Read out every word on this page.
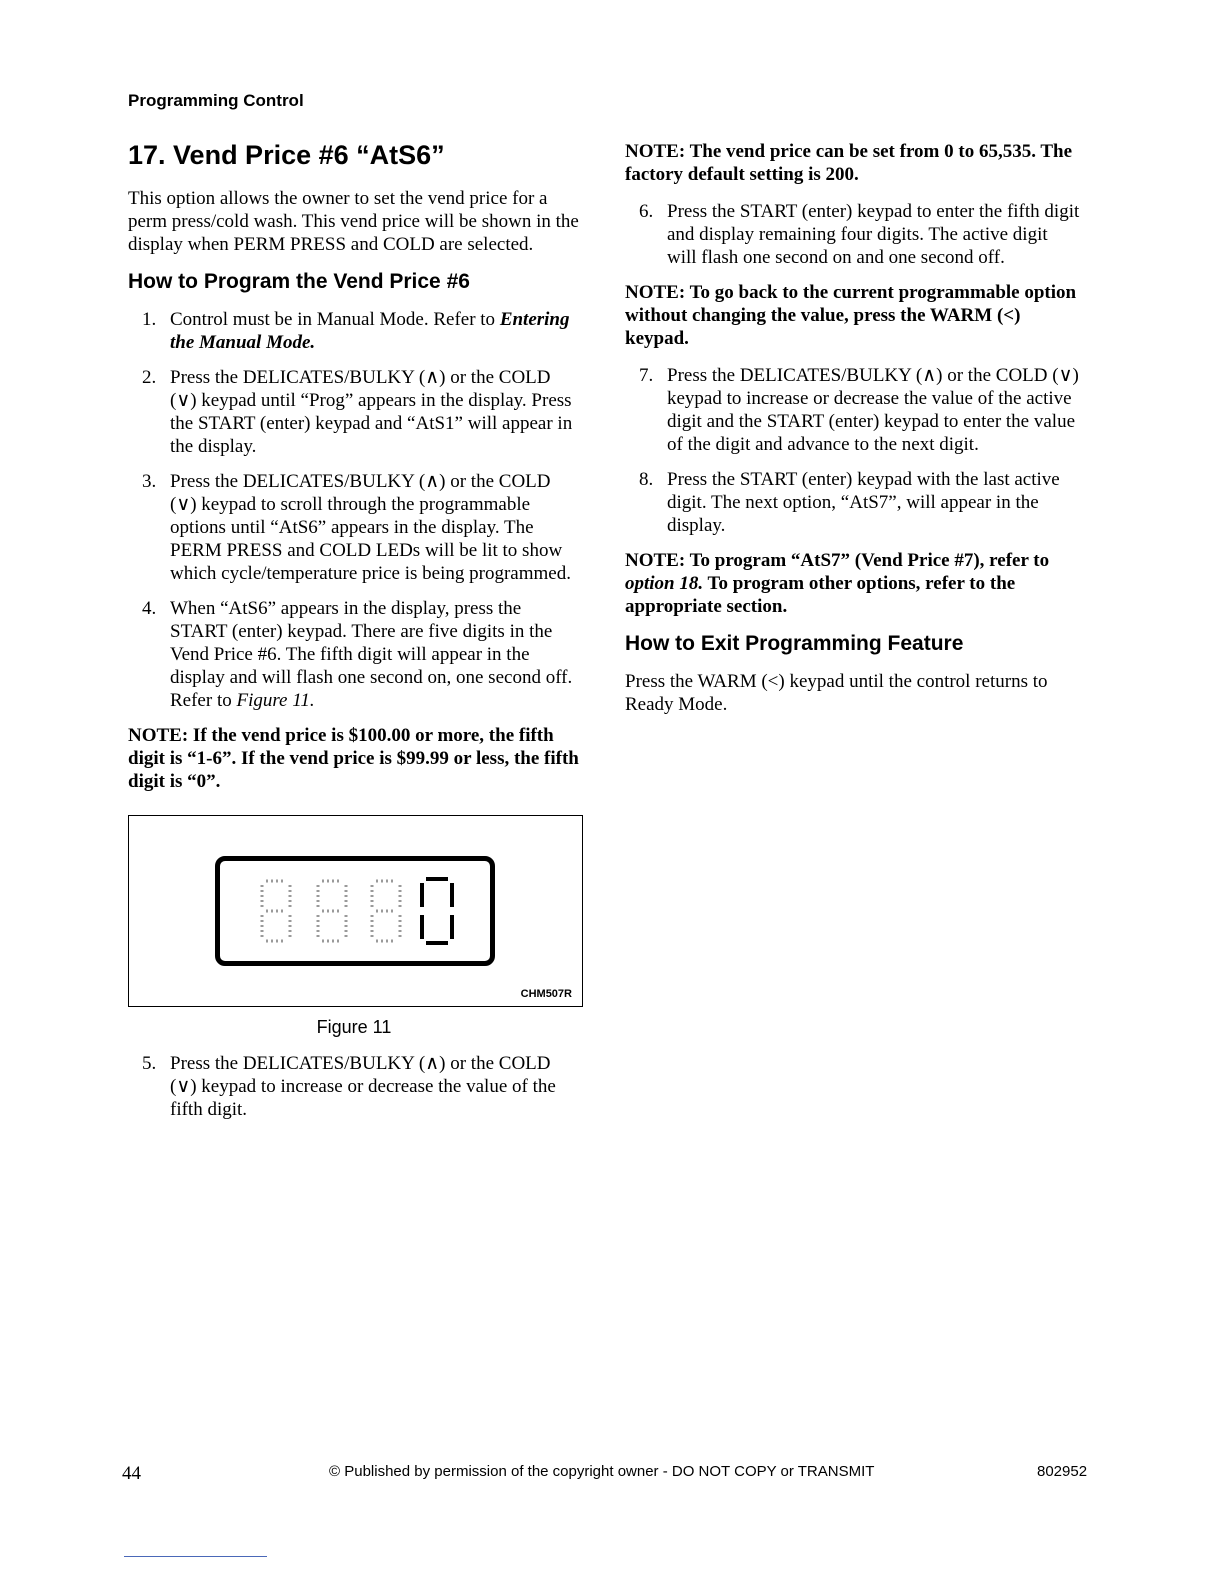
Programming Control
17. Vend Price #6 “AtS6”

This option allows the owner to set the vend price for a perm press/cold wash. This vend price will be shown in the display when PERM PRESS and COLD are selected.

How to Program the Vend Price #6
1. Control must be in Manual Mode. Refer to Entering the Manual Mode.
2. Press the DELICATES/BULKY (∧) or the COLD (∨) keypad until “Prog” appears in the display. Press the START (enter) keypad and “AtS1” will appear in the display.
3. Press the DELICATES/BULKY (∧) or the COLD (∨) keypad to scroll through the programmable options until “AtS6” appears in the display. The PERM PRESS and COLD LEDs will be lit to show which cycle/temperature price is being programmed.
4. When “AtS6” appears in the display, press the START (enter) keypad. There are five digits in the Vend Price #6. The fifth digit will appear in the display and will flash one second on, one second off. Refer to Figure 11.

NOTE: If the vend price is $100.00 or more, the fifth digit is “1-6”. If the vend price is $99.99 or less, the fifth digit is “0”.

0
CHM507R
Figure 11
5. Press the DELICATES/BULKY (∧) or the COLD (∨) keypad to increase or decrease the value of the fifth digit.

NOTE: The vend price can be set from 0 to 65,535. The factory default setting is 200.

6. Press the START (enter) keypad to enter the fifth digit and display remaining four digits. The active digit will flash one second on and one second off.

NOTE: To go back to the current programmable option without changing the value, press the WARM (<) keypad.

7. Press the DELICATES/BULKY (∧) or the COLD (∨) keypad to increase or decrease the value of the active digit and the START (enter) keypad to enter the value of the digit and advance to the next digit.
8. Press the START (enter) keypad with the last active digit. The next option, “AtS7”, will appear in the display.

NOTE: To program “AtS7” (Vend Price #7), refer to option 18. To program other options, refer to the appropriate section.

How to Exit Programming Feature

Press the WARM (<) keypad until the control returns to Ready Mode.

44	© Published by permission of the copyright owner - DO NOT COPY or TRANSMIT	802952
